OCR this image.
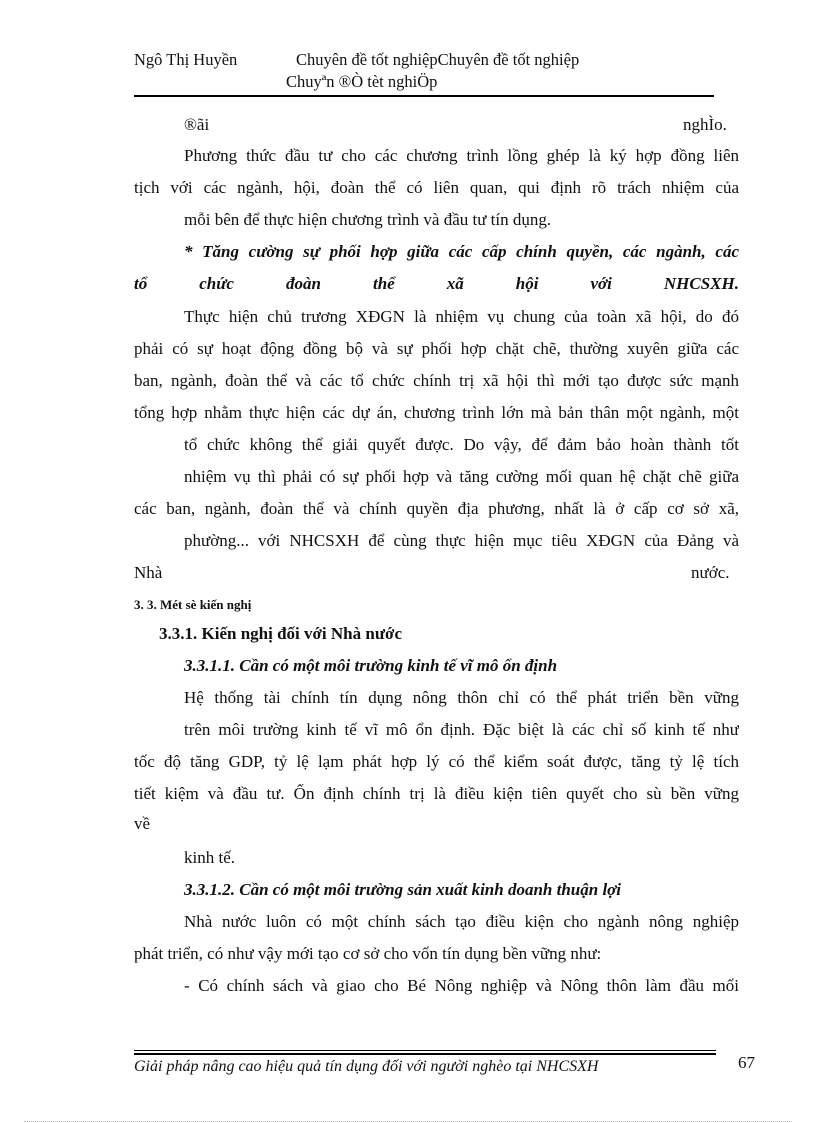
Ngô Thị Huyền	Chuyên đề tốt nghiệpChuyên đề tốt nghiệp
Chuyªn ®Ò tèt nghiÖp
®ãi	nghÌo.
Phương thức đầu tư cho các chương trình lồng ghép là ký hợp đồng liên
tịch với các ngành, hội, đoàn thể có liên quan, qui định rõ trách nhiệm của
mỗi bên để thực hiện chương trình và đầu tư tín dụng.
* Tăng cường sự phối hợp giữa các cấp chính quyền, các ngành, các
tổ	chức	đoàn	thể	xã	hội	với	NHCSXH.
Thực hiện chủ trương XĐGN là nhiệm vụ chung của toàn xã hội, do đó
phải có sự hoạt động đồng bộ và sự phối hợp chặt chẽ, thường xuyên giữa các
ban, ngành, đoàn thể và các tổ chức chính trị xã hội thì mới tạo được sức mạnh
tổng hợp nhằm thực hiện các dự án, chương trình lớn mà bản thân một ngành, một
tổ chức không thể giải quyết được. Do vậy, để đảm bảo hoàn thành tốt
nhiệm vụ thì phải có sự phối hợp và tăng cường mối quan hệ chặt chẽ giữa
các ban, ngành, đoàn thể và chính quyền địa phương, nhất là ở cấp cơ sở xã,
phường... với NHCSXH để cùng thực hiện mục tiêu XĐGN của Đảng và
Nhà	nước.
3. 3. Mét sè kiến nghị
3.3.1. Kiến nghị đối với Nhà nước
3.3.1.1. Cần có một môi trường kinh tế vĩ mô ổn định
Hệ thống tài chính tín dụng nông thôn chỉ có thể phát triển bền vững
trên môi trường kinh tế vĩ mô ổn định. Đặc biệt là các chỉ số kinh tế như
tốc độ tăng GDP, tỷ lệ lạm phát hợp lý có thể kiểm soát được, tăng tỷ lệ tích
tiết kiệm và đầu tư. Ổn định chính trị là điều kiện tiên quyết cho sù bền vững
về
kinh tế.
3.3.1.2. Cần có một môi trường sản xuất kinh doanh thuận lợi
Nhà nước luôn có một chính sách tạo điều kiện cho ngành nông nghiệp
phát triển, có như vậy mới tạo cơ sở cho vốn tín dụng bền vững như:
- Có chính sách và giao cho Bé Nông nghiệp và Nông thôn làm đầu mối
Giải pháp nâng cao hiệu quả tín dụng đối với người nghèo tại NHCSXH	67
